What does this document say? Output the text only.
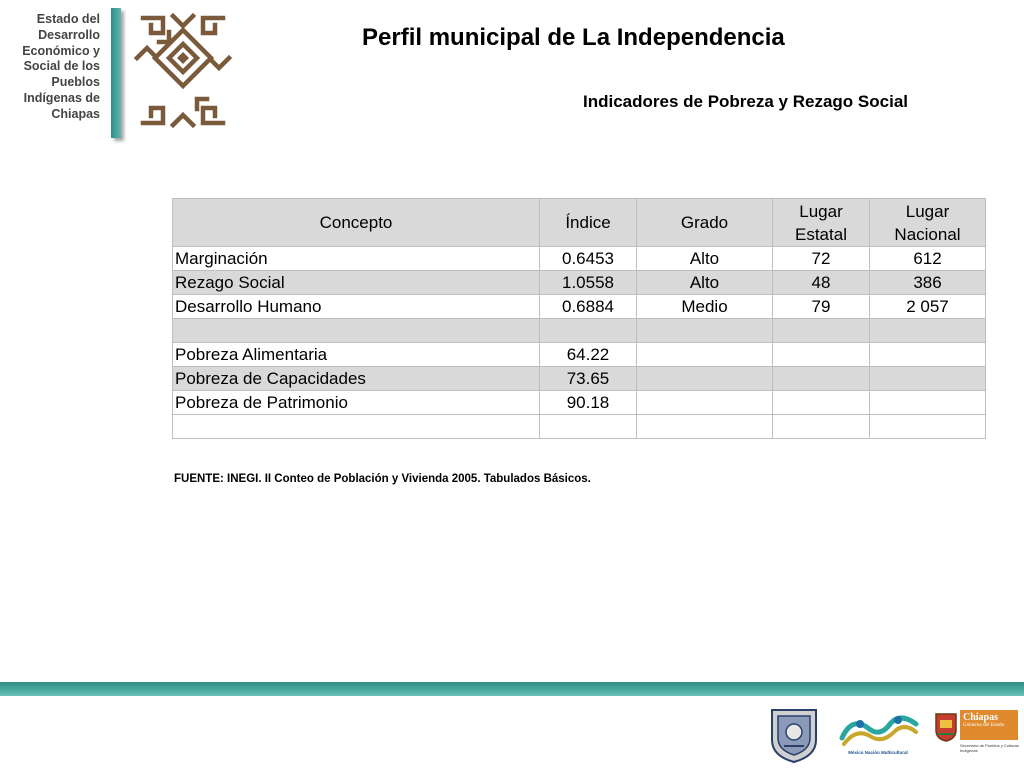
Estado del
Desarrollo
Económico y
Social de los
Pueblos
Indígenas de
Chiapas
Perfil municipal de La Independencia
Indicadores de Pobreza y Rezago Social
Concepto	Índice	Grado	Lugar Estatal	Lugar Nacional
Marginación	0.6453	Alto	72	612
Rezago Social	1.0558	Alto	48	386
Desarrollo Humano	0.6884	Medio	79	2 057

Pobreza Alimentaria	64.22			
Pobreza de Capacidades	73.65			
Pobreza de Patrimonio	90.18			

FUENTE: INEGI. II Conteo de Población y Vivienda 2005. Tabulados Básicos.
México Nación Multicultural
Chiapas
Gobierno del Estado
Secretaría de Pueblos y Culturas Indígenas
